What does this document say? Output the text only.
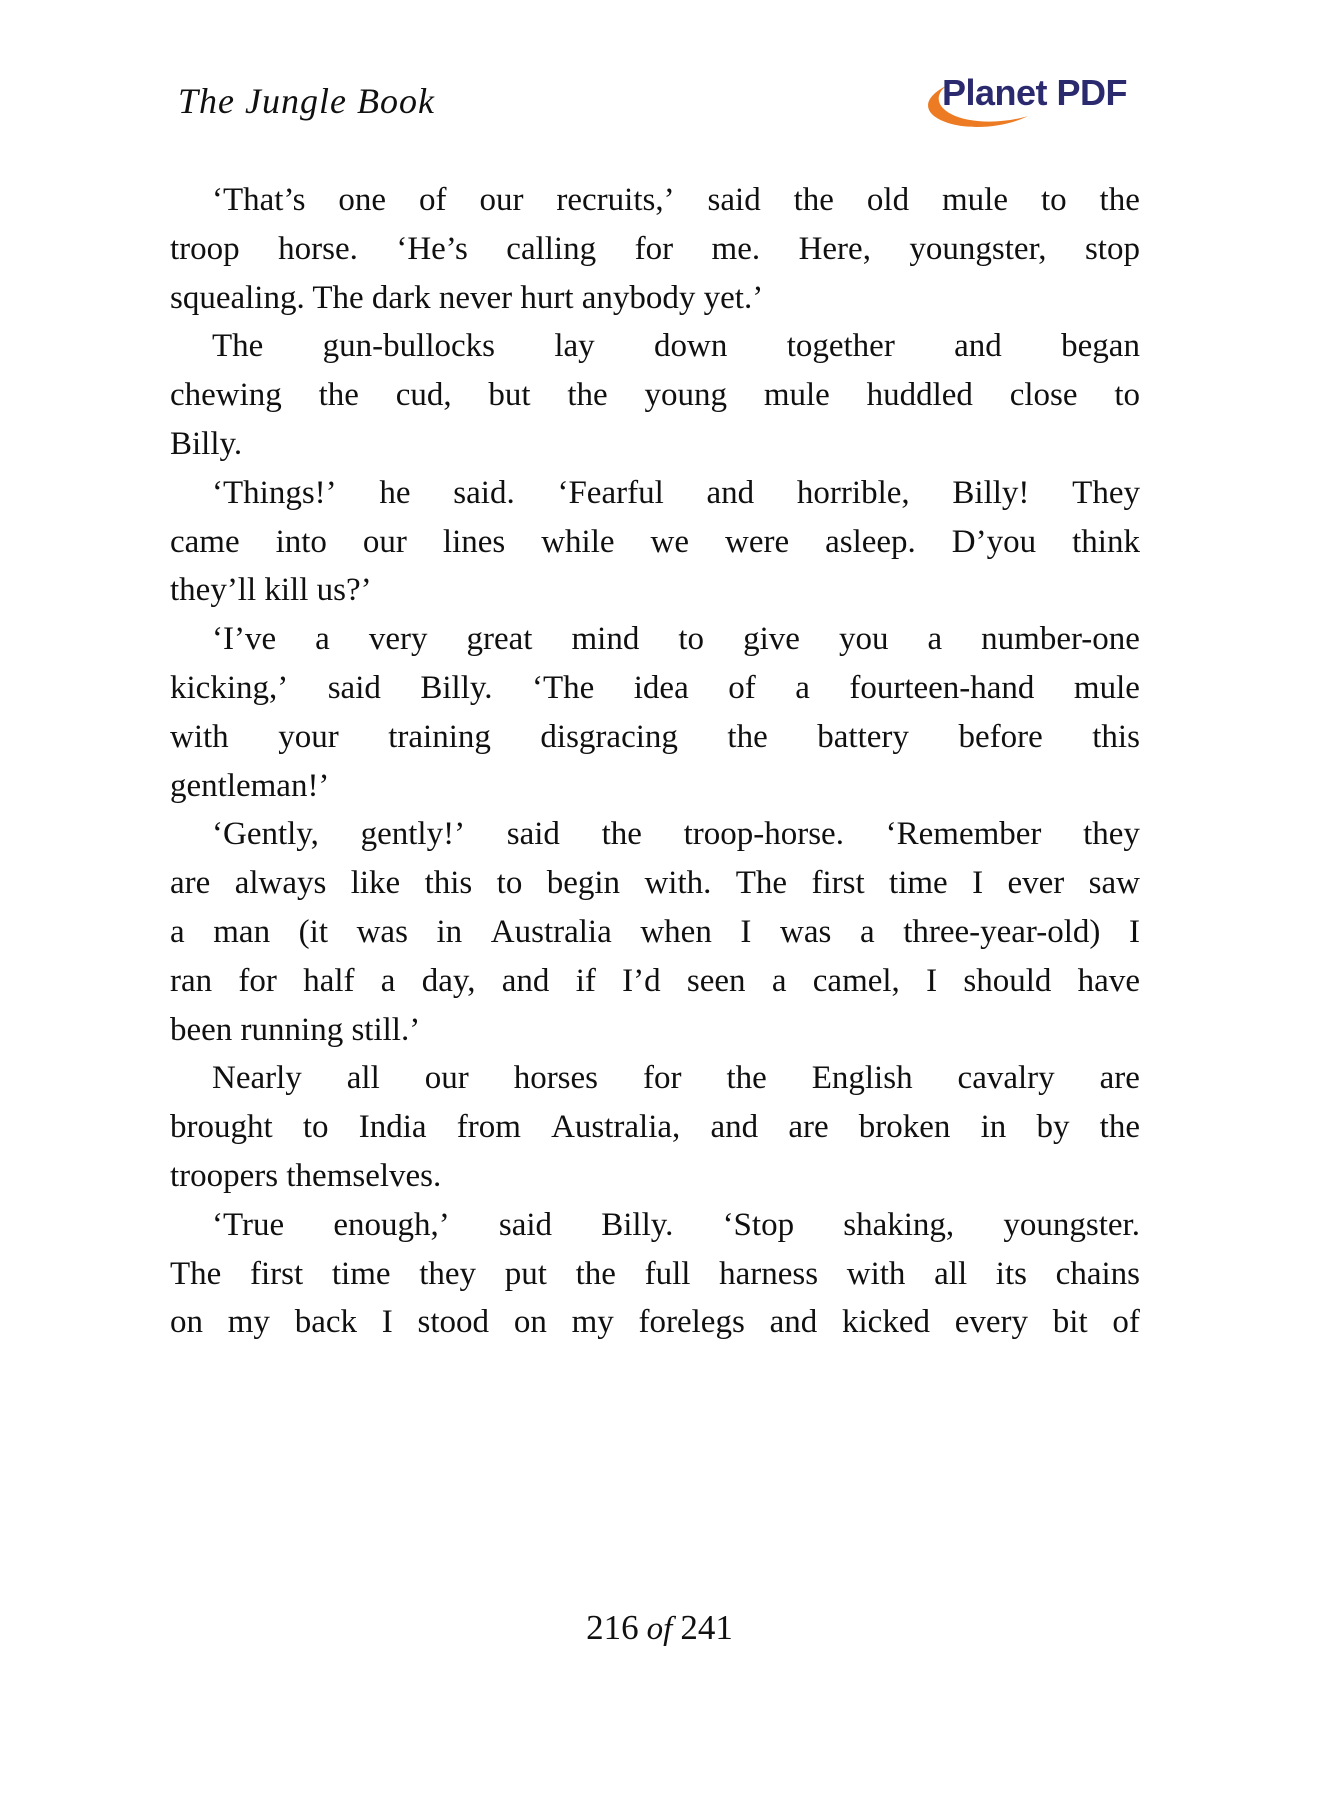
The Jungle Book	Planet PDF
‘That’s one of our recruits,’ said the old mule to the
troop horse. ‘He’s calling for me. Here, youngster, stop
squealing. The dark never hurt anybody yet.’
The gun-bullocks lay down together and began
chewing the cud, but the young mule huddled close to
Billy.
‘Things!’ he said. ‘Fearful and horrible, Billy! They
came into our lines while we were asleep. D’you think
they’ll kill us?’
‘I’ve a very great mind to give you a number-one
kicking,’ said Billy. ‘The idea of a fourteen-hand mule
with your training disgracing the battery before this
gentleman!’
‘Gently, gently!’ said the troop-horse. ‘Remember they
are always like this to begin with. The first time I ever saw
a man (it was in Australia when I was a three-year-old) I
ran for half a day, and if I’d seen a camel, I should have
been running still.’
Nearly all our horses for the English cavalry are
brought to India from Australia, and are broken in by the
troopers themselves.
‘True enough,’ said Billy. ‘Stop shaking, youngster.
The first time they put the full harness with all its chains
on my back I stood on my forelegs and kicked every bit of
216 of 241
